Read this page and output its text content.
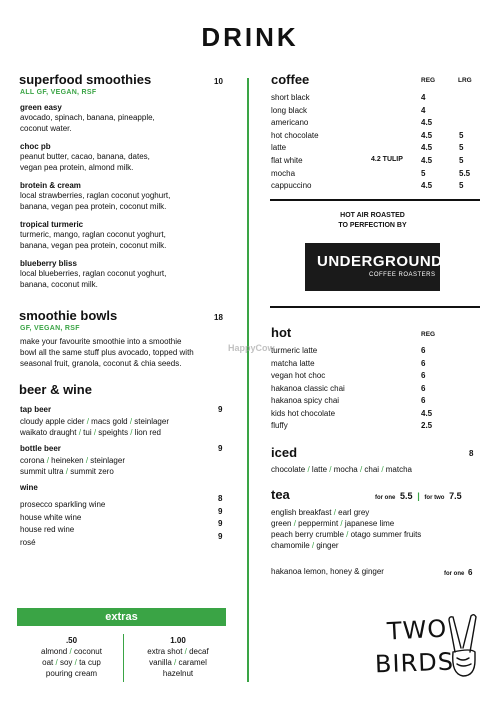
DRINK
superfood smoothies	10
ALL GF, VEGAN, RSF
green easy
avocado, spinach, banana, pineapple,
coconut water.
choc pb
peanut butter, cacao, banana, dates,
vegan pea protein, almond milk.
brotein & cream
local strawberries, raglan coconut yoghurt,
banana, vegan pea protein, coconut milk.
tropical turmeric
turmeric, mango, raglan coconut yoghurt,
banana, vegan pea protein, coconut milk.
blueberry bliss
local blueberries, raglan coconut yoghurt,
banana, coconut milk.
smoothie bowls	18
GF, VEGAN, RSF
make your favourite smoothie into a smoothie
bowl all the same stuff plus avocado, topped with
seasonal fruit, granola, coconut & chia seeds.
beer & wine
tap beer	9
cloudy apple cider / macs gold / steinlager
waikato draught / tui / speights / lion red
bottle beer	9
corona / heineken / steinlager
summit ultra / summit zero
wine
prosecco sparkling wine
8
house white wine
9
house red wine
9
rosé
9
extras
.50
almond / coconut
oat / soy / ta cup
pouring cream
1.00
extra shot / decaf
vanilla / caramel
hazelnut
coffee	REG	LRG
short black	4
long black	4
americano	4.5
hot chocolate	4.5	5
latte	4.5	5
flat white	4.2 TULIP 4.5	5
mocha	5	5.5
cappuccino	4.5	5
HOT AIR ROASTED
TO PERFECTION BY
UNDERGROUND
COFFEE ROASTERS
hot	REG
turmeric latte	6
matcha latte	6
vegan hot choc	6
hakanoa classic chai	6
hakanoa spicy chai	6
kids hot chocolate	4.5
fluffy	2.5
HappyCow
iced	8
chocolate / latte / mocha / chai / matcha
tea	for one 5.5 | for two 7.5
english breakfast / earl grey
green / peppermint / japanese lime
peach berry crumble / otago summer fruits
chamomile / ginger
hakanoa lemon, honey & ginger	for one 6
TWO
BIRDS
